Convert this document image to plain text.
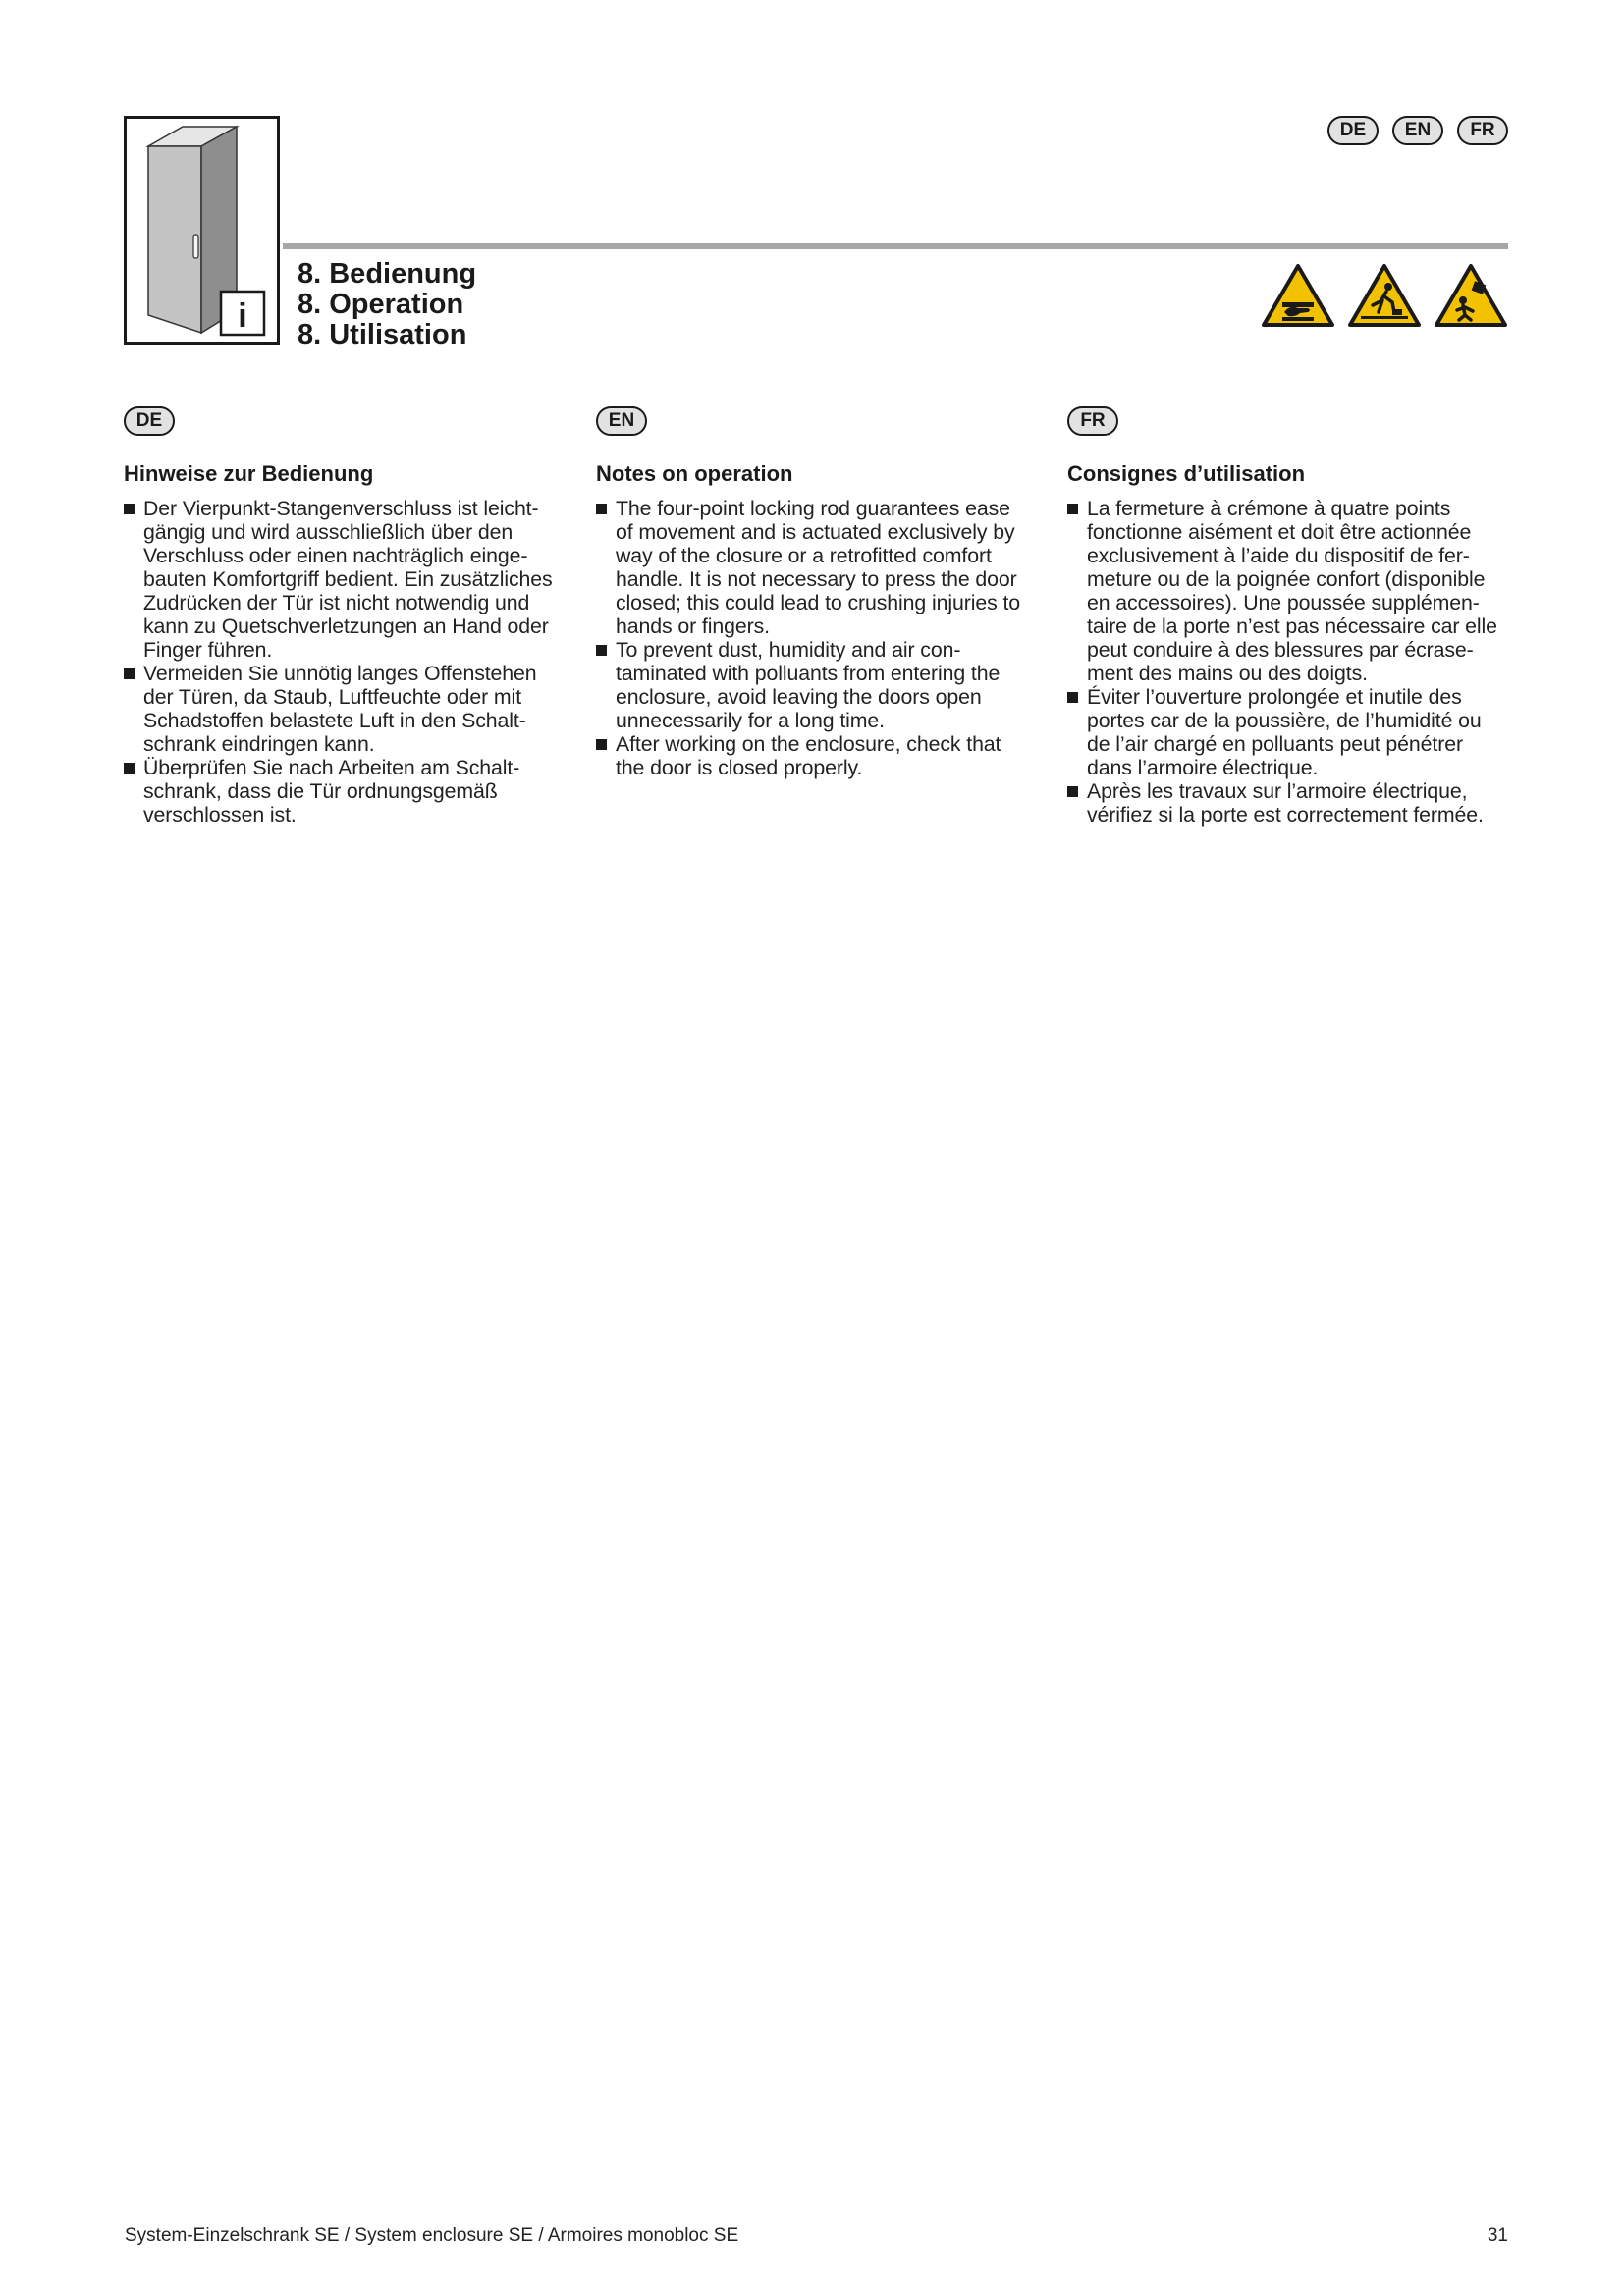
i
DE	EN	FR
8. Bedienung
8. Operation
8. Utilisation
DE
Hinweise zur Bedienung
Der Vierpunkt-Stangenverschluss ist leicht-
gängig und wird ausschließlich über den
Verschluss oder einen nachträglich einge-
bauten Komfortgriff bedient. Ein zusätzliches
Zudrücken der Tür ist nicht notwendig und
kann zu Quetschverletzungen an Hand oder
Finger führen.
Vermeiden Sie unnötig langes Offenstehen
der Türen, da Staub, Luftfeuchte oder mit
Schadstoffen belastete Luft in den Schalt-
schrank eindringen kann.
Überprüfen Sie nach Arbeiten am Schalt-
schrank, dass die Tür ordnungsgemäß
verschlossen ist.
EN
Notes on operation
The four-point locking rod guarantees ease
of movement and is actuated exclusively by
way of the closure or a retrofitted comfort
handle. It is not necessary to press the door
closed; this could lead to crushing injuries to
hands or fingers.
To prevent dust, humidity and air con-
taminated with polluants from entering the
enclosure, avoid leaving the doors open
unnecessarily for a long time.
After working on the enclosure, check that
the door is closed properly.
FR
Consignes d’utilisation
La fermeture à crémone à quatre points
fonctionne aisément et doit être actionnée
exclusivement à l’aide du dispositif de fer-
meture ou de la poignée confort (disponible
en accessoires). Une poussée supplémen-
taire de la porte n’est pas nécessaire car elle
peut conduire à des blessures par écrase-
ment des mains ou des doigts.
Éviter l’ouverture prolongée et inutile des
portes car de la poussière, de l’humidité ou
de l’air chargé en polluants peut pénétrer
dans l’armoire électrique.
Après les travaux sur l’armoire électrique,
vérifiez si la porte est correctement fermée.
System-Einzelschrank SE / System enclosure SE / Armoires monobloc SE	31
